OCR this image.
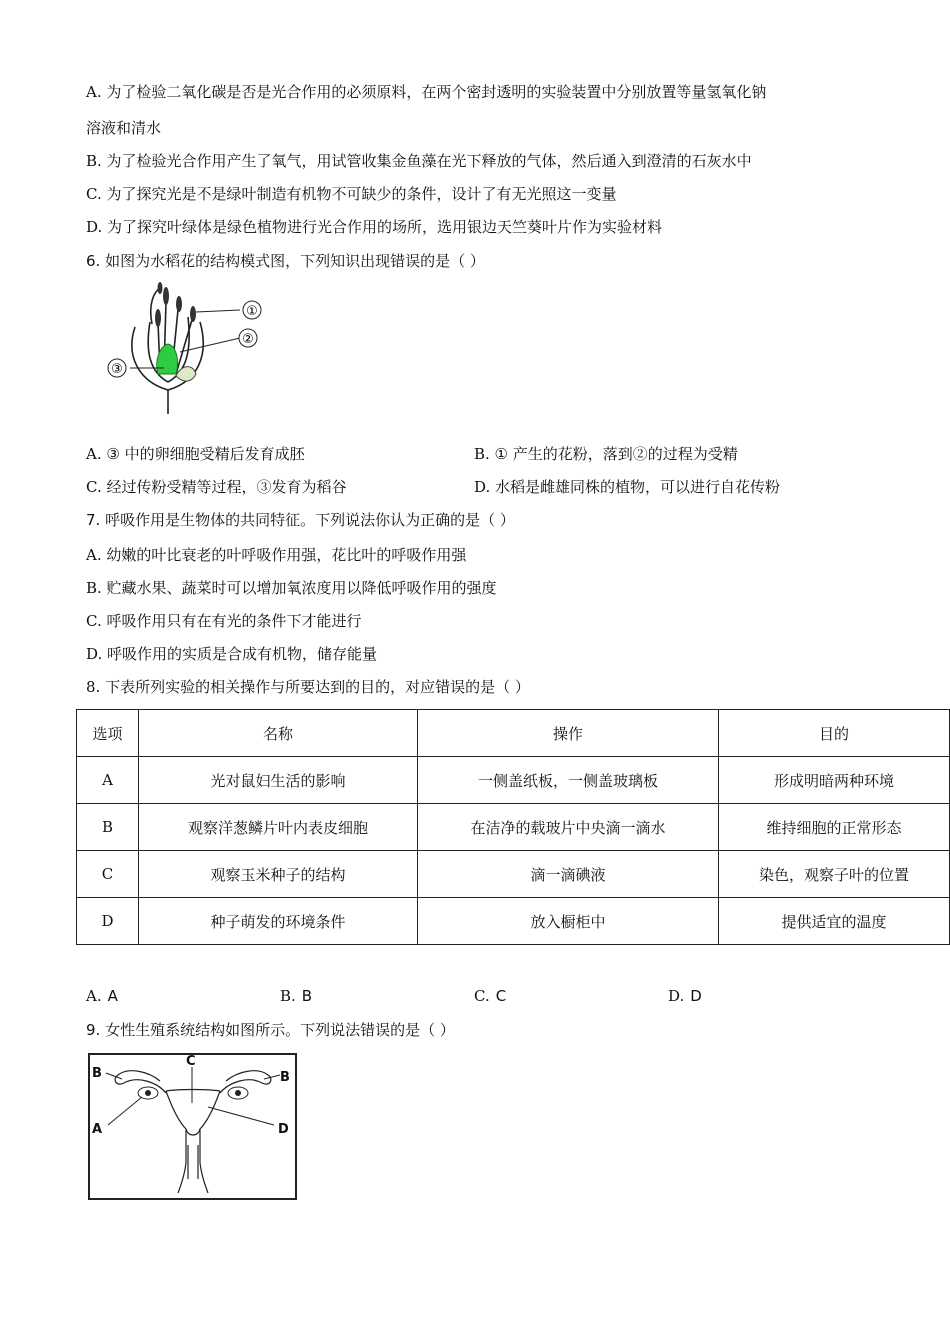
A. 为了检验二氧化碳是否是光合作用的必须原料，在两个密封透明的实验装置中分别放置等量氢氧化钠
溶液和清水
B. 为了检验光合作用产生了氧气，用试管收集金鱼藻在光下释放的气体，然后通入到澄清的石灰水中
C. 为了探究光是不是绿叶制造有机物不可缺少的条件，设计了有无光照这一变量
D. 为了探究叶绿体是绿色植物进行光合作用的场所，选用银边天竺葵叶片作为实验材料
6. 如图为水稻花的结构模式图，下列知识出现错误的是（ ）
①
②
③
A. ③ 中的卵细胞受精后发育成胚	B. ① 产生的花粉，落到②的过程为受精
C. 经过传粉受精等过程，③发育为稻谷	D. 水稻是雌雄同株的植物，可以进行自花传粉
7. 呼吸作用是生物体的共同特征。下列说法你认为正确的是（ ）
A. 幼嫩的叶比衰老的叶呼吸作用强，花比叶的呼吸作用强
B. 贮藏水果、蔬菜时可以增加氧浓度用以降低呼吸作用的强度
C. 呼吸作用只有在有光的条件下才能进行
D. 呼吸作用的实质是合成有机物，储存能量
8. 下表所列实验的相关操作与所要达到的目的，对应错误的是（ ）
选项	名称	操作	目的
A	光对鼠妇生活的影响	一侧盖纸板，一侧盖玻璃板	形成明暗两种环境
B	观察洋葱鳞片叶内表皮细胞	在洁净的载玻片中央滴一滴水	维持细胞的正常形态
C	观察玉米种子的结构	滴一滴碘液	染色，观察子叶的位置
D	种子萌发的环境条件	放入橱柜中	提供适宜的温度
A. A	B. B	C. C	D. D
9. 女性生殖系统结构如图所示。下列说法错误的是（ ）
B	B
C
A	D
